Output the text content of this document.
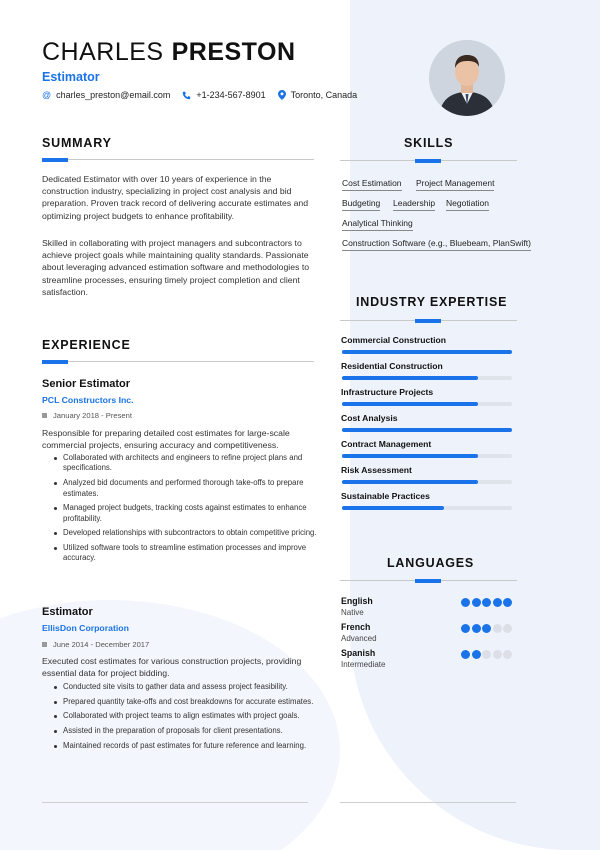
CHARLES PRESTON
Estimator
@ charles_preston@email.com	+1-234-567-8901	Toronto, Canada
SUMMARY
Dedicated Estimator with over 10 years of experience in the construction industry, specializing in project cost analysis and bid preparation. Proven track record of delivering accurate estimates and optimizing project budgets to enhance profitability.
Skilled in collaborating with project managers and subcontractors to achieve project goals while maintaining quality standards. Passionate about leveraging advanced estimation software and methodologies to streamline processes, ensuring timely project completion and client satisfaction.
EXPERIENCE
Senior Estimator
PCL Constructors Inc.
January 2018 - Present
Responsible for preparing detailed cost estimates for large-scale commercial projects, ensuring accuracy and competitiveness.
Collaborated with architects and engineers to refine project plans and specifications.
Analyzed bid documents and performed thorough take-offs to prepare estimates.
Managed project budgets, tracking costs against estimates to enhance profitability.
Developed relationships with subcontractors to obtain competitive pricing.
Utilized software tools to streamline estimation processes and improve accuracy.
Estimator
EllisDon Corporation
June 2014 - December 2017
Executed cost estimates for various construction projects, providing essential data for project bidding.
Conducted site visits to gather data and assess project feasibility.
Prepared quantity take-offs and cost breakdowns for accurate estimates.
Collaborated with project teams to align estimates with project goals.
Assisted in the preparation of proposals for client presentations.
Maintained records of past estimates for future reference and learning.
SKILLS
Cost Estimation Project Management
Budgeting Leadership Negotiation
Analytical Thinking
Construction Software (e.g., Bluebeam, PlanSwift)
INDUSTRY EXPERTISE
Commercial Construction
Residential Construction
Infrastructure Projects
Cost Analysis
Contract Management
Risk Assessment
Sustainable Practices
LANGUAGES
English
Native
French
Advanced
Spanish
Intermediate
